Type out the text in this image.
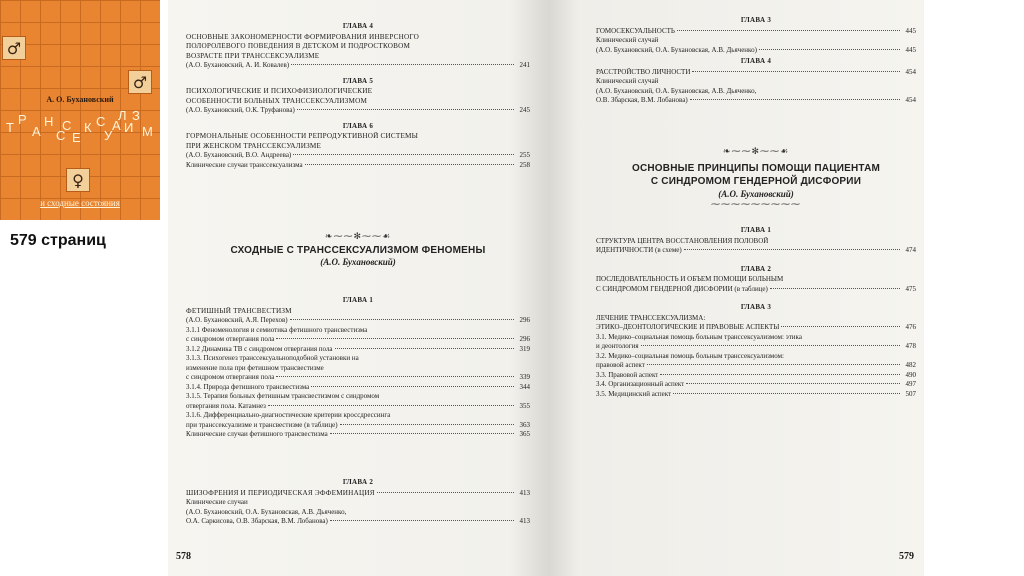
♂
♂
♀
А. О. Бухановский
Т
Р
А
Н
С
С
Е
К С
У
А
Л
И
З
М
и сходные состояния
579 страниц
ГЛАВА 4
ОСНОВНЫЕ ЗАКОНОМЕРНОСТИ ФОРМИРОВАНИЯ ИНВЕРСНОГО
ПОЛОРОЛЕВОГО ПОВЕДЕНИЯ В ДЕТСКОМ И ПОДРОСТКОВОМ
ВОЗРАСТЕ ПРИ ТРАНССЕКСУАЛИЗМЕ
(А.О. Бухановский, А. И. Ковалев)	241
ГЛАВА 5
ПСИХОЛОГИЧЕСКИЕ И ПСИХОФИЗИОЛОГИЧЕСКИЕ
ОСОБЕННОСТИ БОЛЬНЫХ ТРАНССЕКСУАЛИЗМОМ
(А.О. Бухановский, О.К. Труфанова)	245
ГЛАВА 6
ГОРМОНАЛЬНЫЕ ОСОБЕННОСТИ РЕПРОДУКТИВНОЙ СИСТЕМЫ
ПРИ ЖЕНСКОМ ТРАНССЕКСУАЛИЗМЕ
(А.О. Бухановский, В.О. Андреева)	255
Клинические случаи транссексуализма	258
❧⁓⁓✻⁓⁓☙
СХОДНЫЕ С ТРАНССЕКСУАЛИЗМОМ ФЕНОМЕНЫ
(А.О. Бухановский)
ГЛАВА 1
ФЕТИШНЫЙ ТРАНСВЕСТИЗМ
(А.О. Бухановский, А.Я. Перехов)	296
3.1.1 Феноменология и семиотика фетишного трансвестизма
с синдромом отвергания пола	296
3.1.2 Динамика ТВ с синдромом отвергания пола	319
3.1.3. Психогенез транссексуальноподобной установки на
изменение пола при фетишном трансвестизме
с синдромом отвергания пола	339
3.1.4. Природа фетишного трансвестизма	344
3.1.5. Терапия больных фетишным трансвестизмом с синдромом
отвергания пола. Катамнез	355
3.1.6. Дифференциально-диагностические критерии кроссдрессинга
при транссексуализме и трансвестизме (в таблице)	363
Клинические случаи фетишного трансвестизма	365
ГЛАВА 2
ШИЗОФРЕНИЯ И ПЕРИОДИЧЕСКАЯ ЭФФЕМИНАЦИЯ	413
Клинические случаи
(А.О. Бухановский, О.А. Бухановская, А.В. Дьяченко,
О.А. Саркисова, О.В. Збарская, В.М. Лобанова)	413
578
ГЛАВА 3
ГОМОСЕКСУАЛЬНОСТЬ	445
Клинический случай
(А.О. Бухановский, О.А. Бухановская, А.В. Дьяченко)	445
ГЛАВА 4
РАССТРОЙСТВО ЛИЧНОСТИ	454
Клинический случай
(А.О. Бухановский, О.А. Бухановская, А.В. Дьяченко,
О.В. Збарская, В.М. Лобанова)	454
❧⁓⁓✻⁓⁓☙
ОСНОВНЫЕ ПРИНЦИПЫ ПОМОЩИ ПАЦИЕНТАМ
С СИНДРОМОМ ГЕНДЕРНОЙ ДИСФОРИИ
(А.О. Бухановский)
⁓⁓⁓⁓⁓⁓⁓⁓⁓
ГЛАВА 1
СТРУКТУРА ЦЕНТРА ВОССТАНОВЛЕНИЯ ПОЛОВОЙ
ИДЕНТИЧНОСТИ (в схеме)	474
ГЛАВА 2
ПОСЛЕДОВАТЕЛЬНОСТЬ И ОБЪЕМ ПОМОЩИ БОЛЬНЫМ
С СИНДРОМОМ ГЕНДЕРНОЙ ДИСФОРИИ (в таблице)	475
ГЛАВА 3
ЛЕЧЕНИЕ ТРАНССЕКСУАЛИЗМА:
ЭТИКО–ДЕОНТОЛОГИЧЕСКИЕ И ПРАВОВЫЕ АСПЕКТЫ	476
3.1. Медико–социальная помощь больным транссексуализмом: этика
и деонтология	478
3.2. Медико–социальная помощь больным транссексуализмом:
правовой аспект	482
3.3. Правовой аспект	490
3.4. Организационный аспект	497
3.5. Медицинский аспект	507
579
